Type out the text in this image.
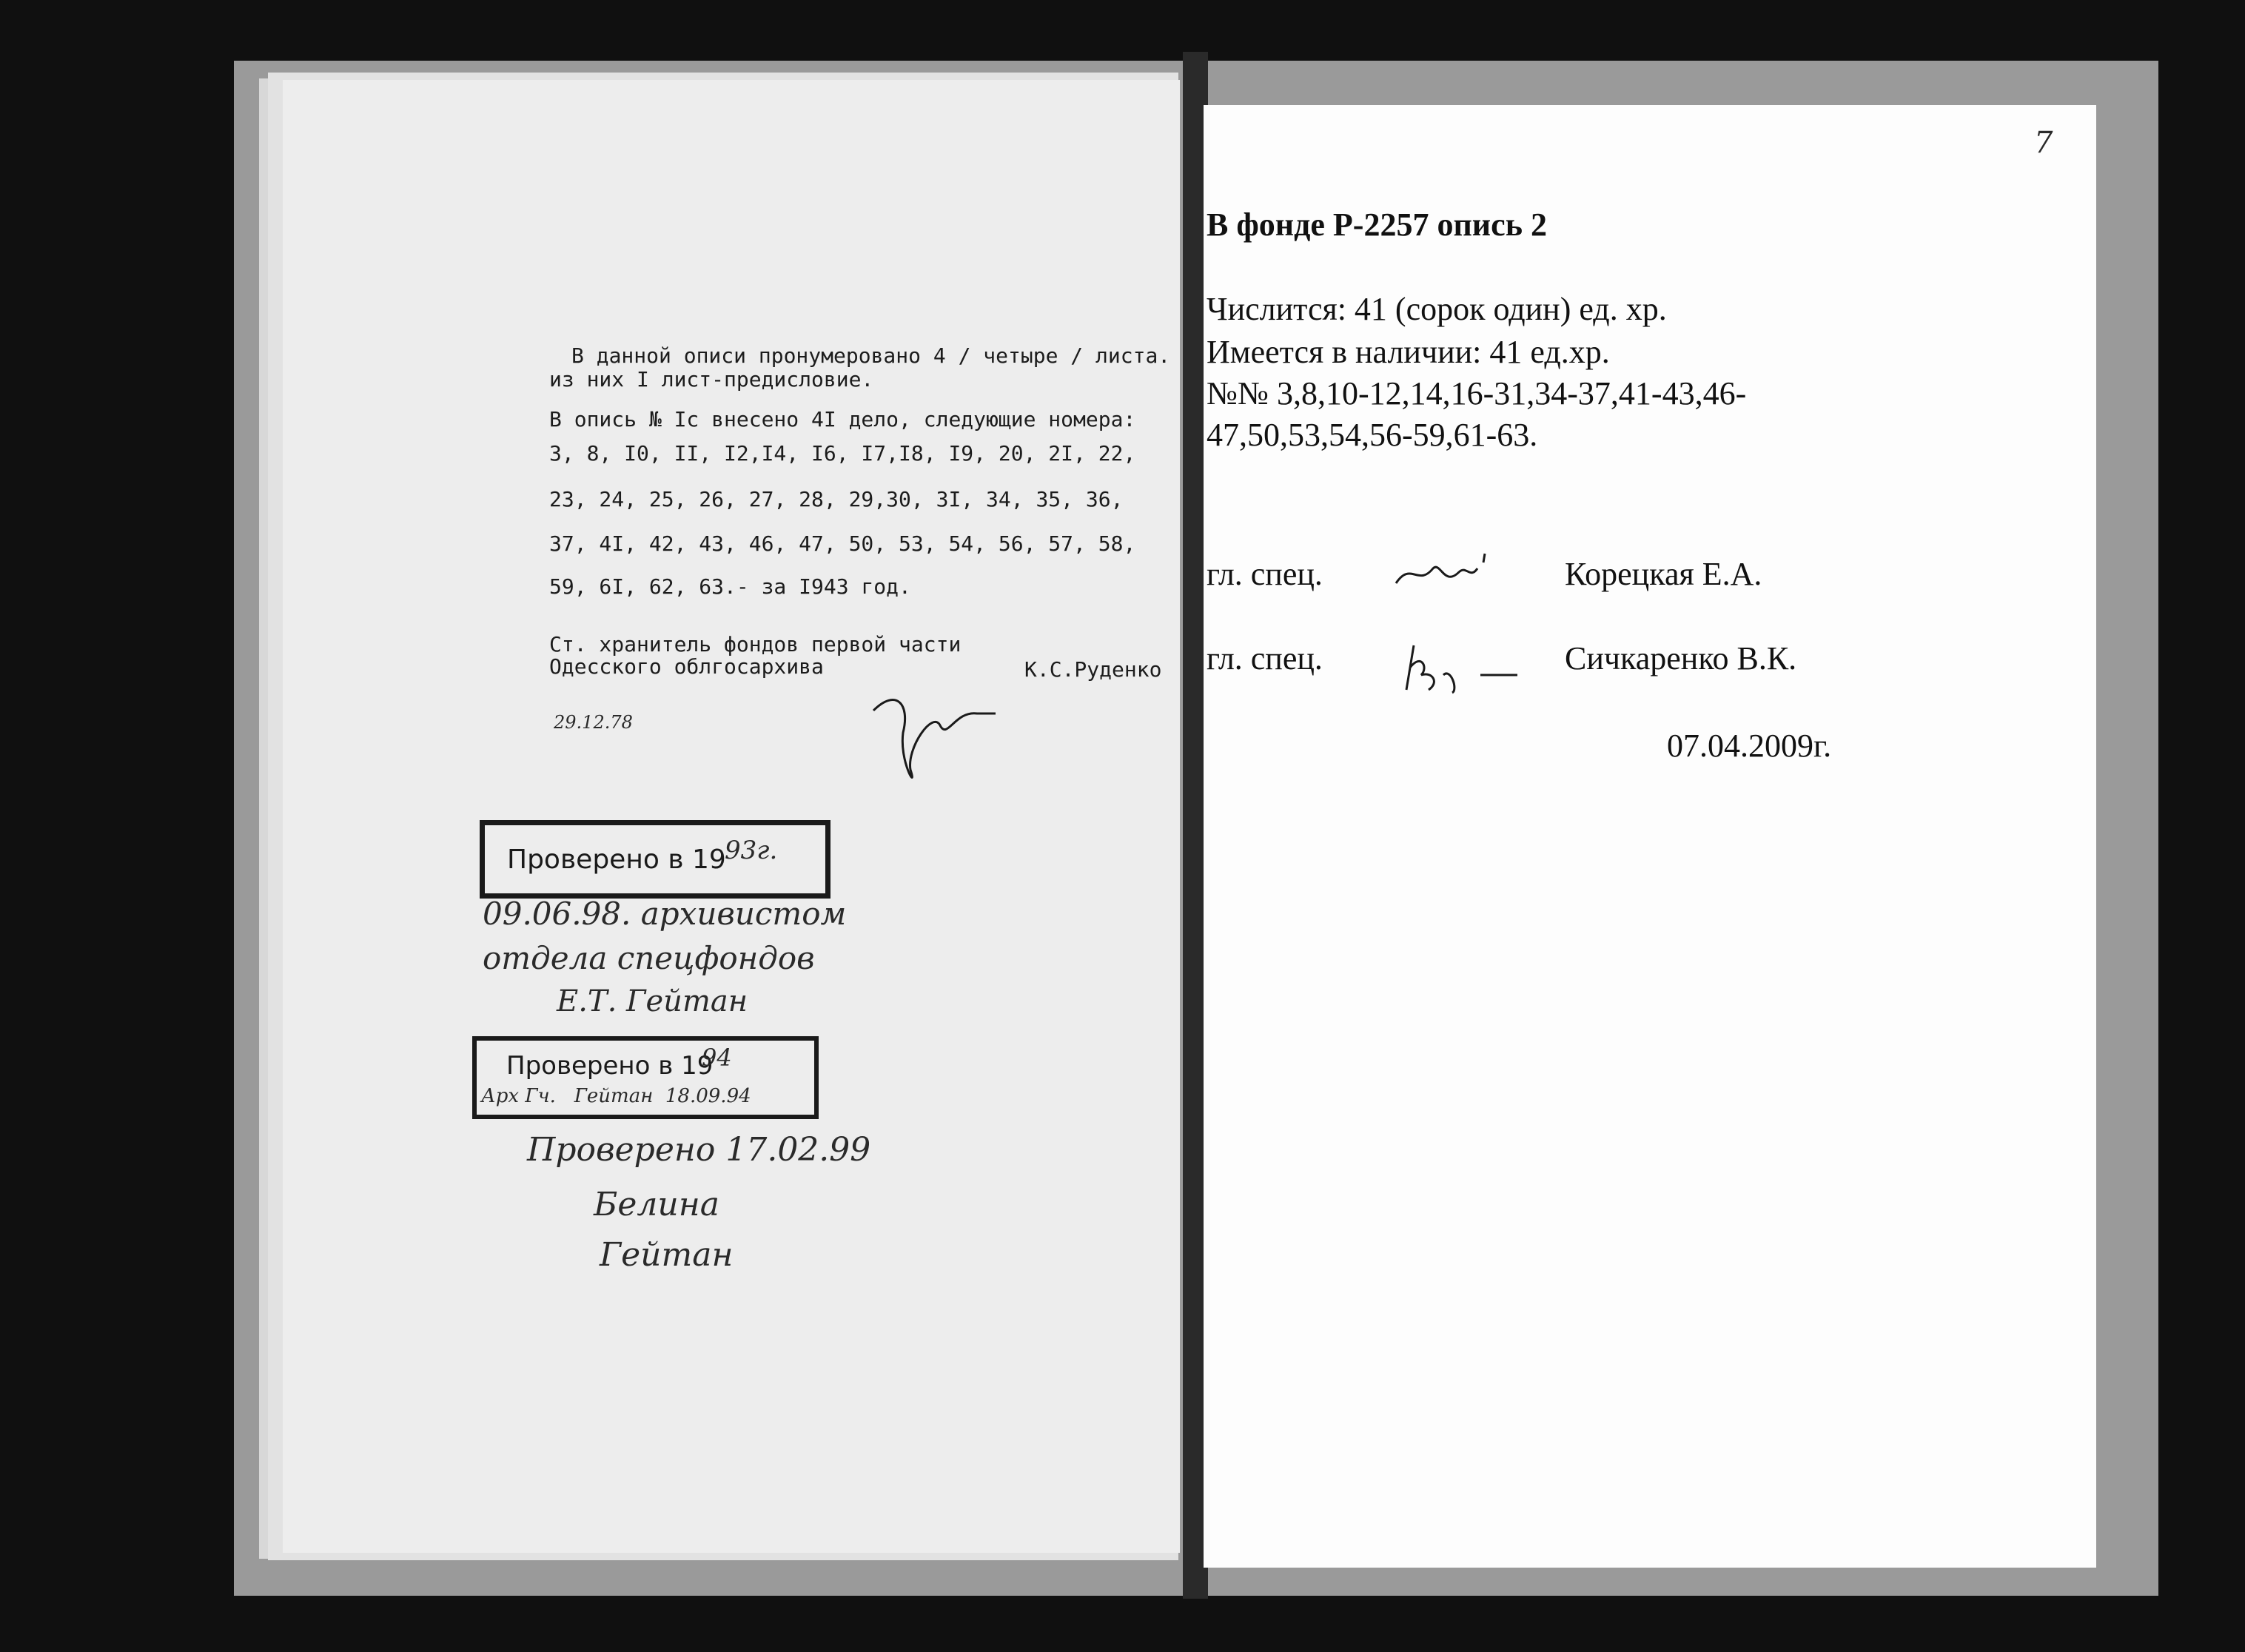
В данной описи пронумеровано 4 / четыре / листа.
из них I лист-предисловие.
В опись № Iс внесено 4I дело, следующие номера:
3, 8, I0, II, I2,I4, I6, I7,I8, I9, 20, 2I, 22,
23, 24, 25, 26, 27, 28, 29,30, 3I, 34, 35, 36,
37, 4I, 42, 43, 46, 47, 50, 53, 54, 56, 57, 58,
59, 6I, 62, 63.- за I943 год.
Ст. хранитель фондов первой части
Одесского облгосархива	К.С.Руденко
29.12.78
Проверено в 19
93г.
09.06.98. архивистом
отдела спецфондов
Е.Т. Гейтан
Проверено в 19
94
Арх Гч.   Гейтан  18.09.94
Проверено 17.02.99
Белина
Гейтан
7
В фонде Р-2257 опись 2
Числится: 41 (сорок один) ед. хр.
Имеется в наличии: 41 ед.хр.
№№ 3,8,10-12,14,16-31,34-37,41-43,46-
47,50,53,54,56-59,61-63.
гл. спец.	Корецкая Е.А.
гл. спец.	Сичкаренко В.К.
07.04.2009г.
